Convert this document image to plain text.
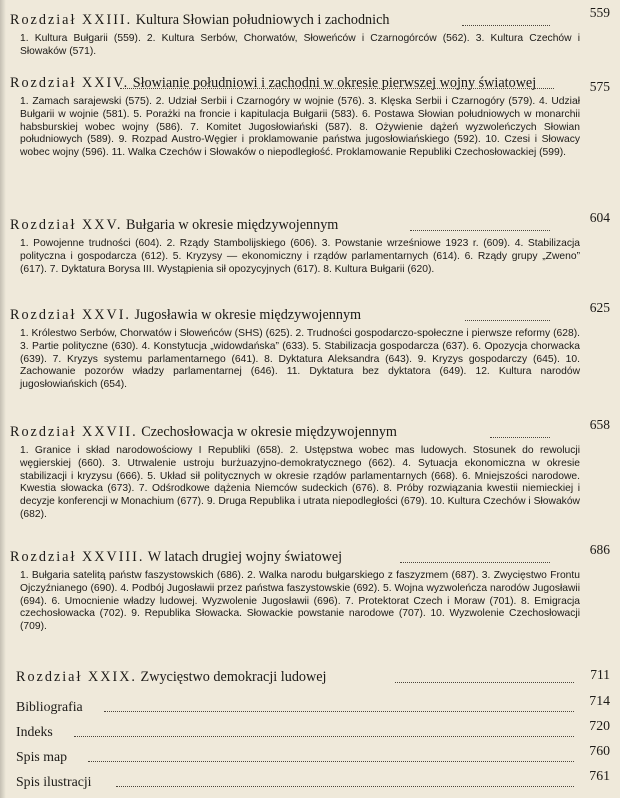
Rozdział XXIII. Kultura Słowian południowych i zachodnich	559
1. Kultura Bułgarii (559). 2. Kultura Serbów, Chorwatów, Słoweńców i Czarnogórców (562). 3. Kultura Czechów i Słowaków (571).
Rozdział XXIV. Słowianie południowi i zachodni w okresie pierwszej wojny światowej	575
1. Zamach sarajewski (575). 2. Udział Serbii i Czarnogóry w wojnie (576). 3. Klęska Serbii i Czarnogóry (579). 4. Udział Bułgarii w wojnie (581). 5. Porażki na froncie i kapitulacja Bułgarii (583). 6. Postawa Słowian południowych w monarchii habsburskiej wobec wojny (586). 7. Komitet Jugosłowiański (587). 8. Ożywienie dążeń wyzwoleńczych Słowian południowych (589). 9. Rozpad Austro-Węgier i proklamowanie państwa jugosłowiańskiego (592). 10. Czesi i Słowacy wobec wojny (596). 11. Walka Czechów i Słowaków o niepodległość. Proklamowanie Republiki Czechosłowackiej (599).
Rozdział XXV. Bułgaria w okresie międzywojennym	604
1. Powojenne trudności (604). 2. Rządy Stambolijskiego (606). 3. Powstanie wrześniowe 1923 r. (609). 4. Stabilizacja polityczna i gospodarcza (612). 5. Kryzysy — ekonomiczny i rządów parlamentarnych (614). 6. Rządy grupy „Zweno” (617). 7. Dyktatura Borysa III. Wystąpienia sił opozycyjnych (617). 8. Kultura Bułgarii (620).
Rozdział XXVI. Jugosławia w okresie międzywojennym	625
1. Królestwo Serbów, Chorwatów i Słoweńców (SHS) (625). 2. Trudności gospodarczo-społeczne i pierwsze reformy (628). 3. Partie polityczne (630). 4. Konstytucja „widowdańska” (633). 5. Stabilizacja gospodarcza (637). 6. Opozycja chorwacka (639). 7. Kryzys systemu parlamentarnego (641). 8. Dyktatura Aleksandra (643). 9. Kryzys gospodarczy (645). 10. Zachowanie pozorów władzy parlamentarnej (646). 11. Dyktatura bez dyktatora (649). 12. Kultura narodów jugosłowiańskich (654).
Rozdział XXVII. Czechosłowacja w okresie międzywojennym	658
1. Granice i skład narodowościowy I Republiki (658). 2. Ustępstwa wobec mas ludowych. Stosunek do rewolucji węgierskiej (660). 3. Utrwalenie ustroju burżuazyjno-demokratycznego (662). 4. Sytuacja ekonomiczna w okresie stabilizacji i kryzysu (666). 5. Układ sił politycznych w okresie rządów parlamentarnych (668). 6. Mniejszości narodowe. Kwestia słowacka (673). 7. Odśrodkowe dążenia Niemców sudeckich (676). 8. Próby rozwiązania kwestii niemieckiej i decyzje konferencji w Monachium (677). 9. Druga Republika i utrata niepodległości (679). 10. Kultura Czechów i Słowaków (682).
Rozdział XXVIII. W latach drugiej wojny światowej	686
1. Bułgaria satelitą państw faszystowskich (686). 2. Walka narodu bułgarskiego z faszyzmem (687). 3. Zwycięstwo Frontu Ojczyźnianego (690). 4. Podbój Jugosławii przez państwa faszystowskie (692). 5. Wojna wyzwoleńcza narodów Jugosławii (694). 6. Umocnienie władzy ludowej. Wyzwolenie Jugosławii (696). 7. Protektorat Czech i Moraw (701). 8. Emigracja czechosłowacka (702). 9. Republika Słowacka. Słowackie powstanie narodowe (707). 10. Wyzwolenie Czechosłowacji (709).
Rozdział XXIX. Zwycięstwo demokracji ludowej	711
Bibliografia	714
Indeks	720
Spis map	760
Spis ilustracji	761
